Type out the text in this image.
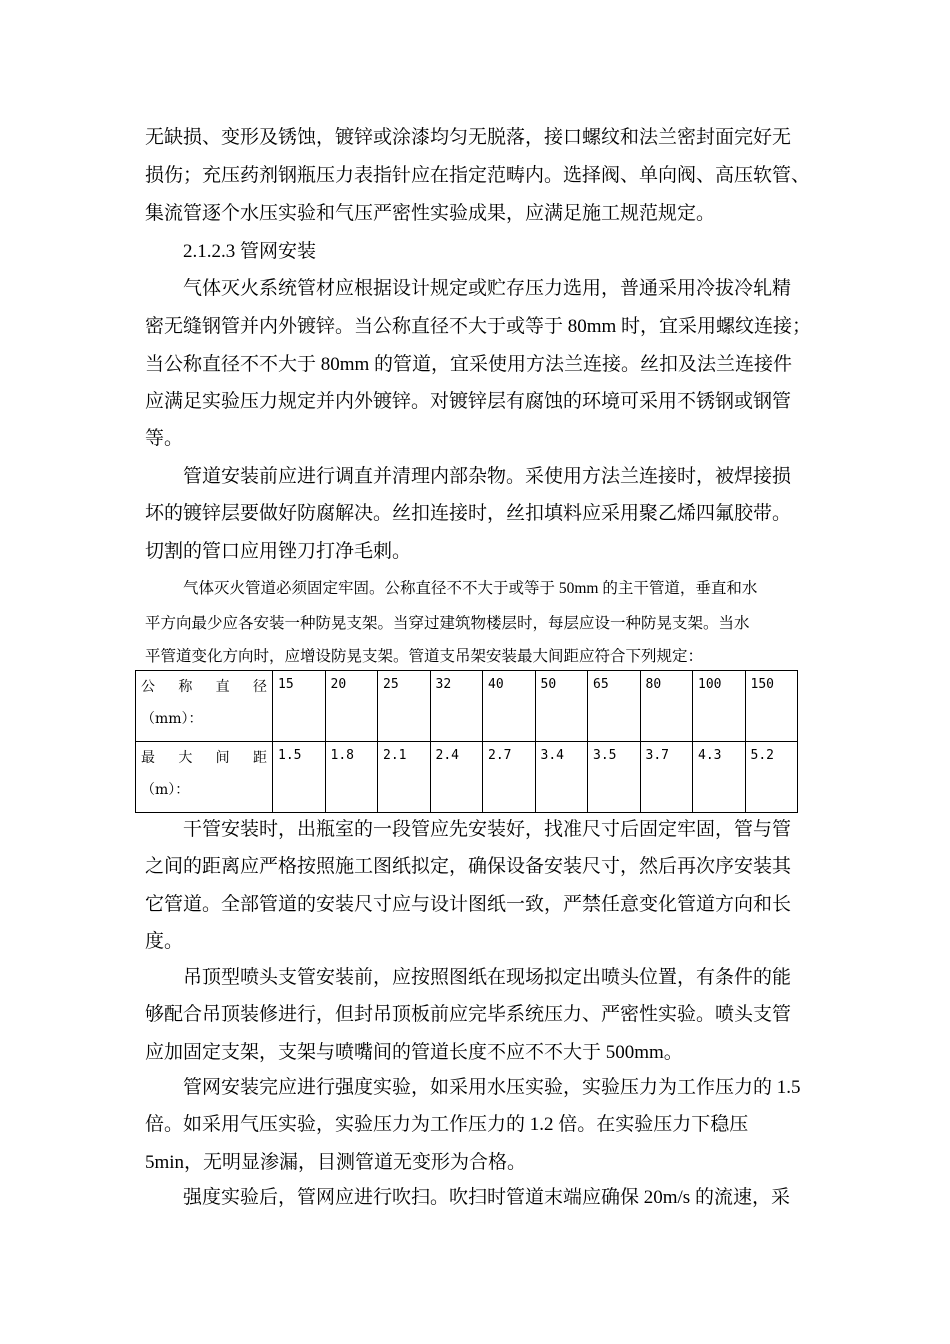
无缺损、变形及锈蚀，镀锌或涂漆均匀无脱落，接口螺纹和法兰密封面完好无
损伤；充压药剂钢瓶压力表指针应在指定范畴内。选择阀、单向阀、高压软管、
集流管逐个水压实验和气压严密性实验成果，应满足施工规范规定。
2.1.2.3 管网安装
气体灭火系统管材应根据设计规定或贮存压力选用，普通采用冷拔冷轧精
密无缝钢管并内外镀锌。当公称直径不大于或等于 80mm 时，宜采用螺纹连接；
当公称直径不不大于 80mm 的管道，宜采使用方法兰连接。丝扣及法兰连接件
应满足实验压力规定并内外镀锌。对镀锌层有腐蚀的环境可采用不锈钢或钢管
等。
管道安装前应进行调直并清理内部杂物。采使用方法兰连接时，被焊接损
坏的镀锌层要做好防腐解决。丝扣连接时，丝扣填料应采用聚乙烯四氟胶带。
切割的管口应用锉刀打净毛刺。
气体灭火管道必须固定牢固。公称直径不不大于或等于 50mm 的主干管道，垂直和水
平方向最少应各安装一种防晃支架。当穿过建筑物楼层时，每层应设一种防晃支架。当水
平管道变化方向时，应增设防晃支架。管道支吊架安装最大间距应符合下列规定：
公 称 直 径
（mm）：	15	20	25	32	40	50	65	80	100	150

最 大 间 距
（m）：	1.5	1.8	2.1	2.4	2.7	3.4	3.5	3.7	4.3	5.2
干管安装时，出瓶室的一段管应先安装好，找准尺寸后固定牢固，管与管
之间的距离应严格按照施工图纸拟定，确保设备安装尺寸，然后再次序安装其
它管道。全部管道的安装尺寸应与设计图纸一致，严禁任意变化管道方向和长
度。
吊顶型喷头支管安装前，应按照图纸在现场拟定出喷头位置，有条件的能
够配合吊顶装修进行，但封吊顶板前应完毕系统压力、严密性实验。喷头支管
应加固定支架，支架与喷嘴间的管道长度不应不不大于 500mm。
管网安装完应进行强度实验，如采用水压实验，实验压力为工作压力的 1.5
倍。如采用气压实验，实验压力为工作压力的 1.2 倍。在实验压力下稳压
5min，无明显渗漏，目测管道无变形为合格。
强度实验后，管网应进行吹扫。吹扫时管道末端应确保 20m/s 的流速，采
